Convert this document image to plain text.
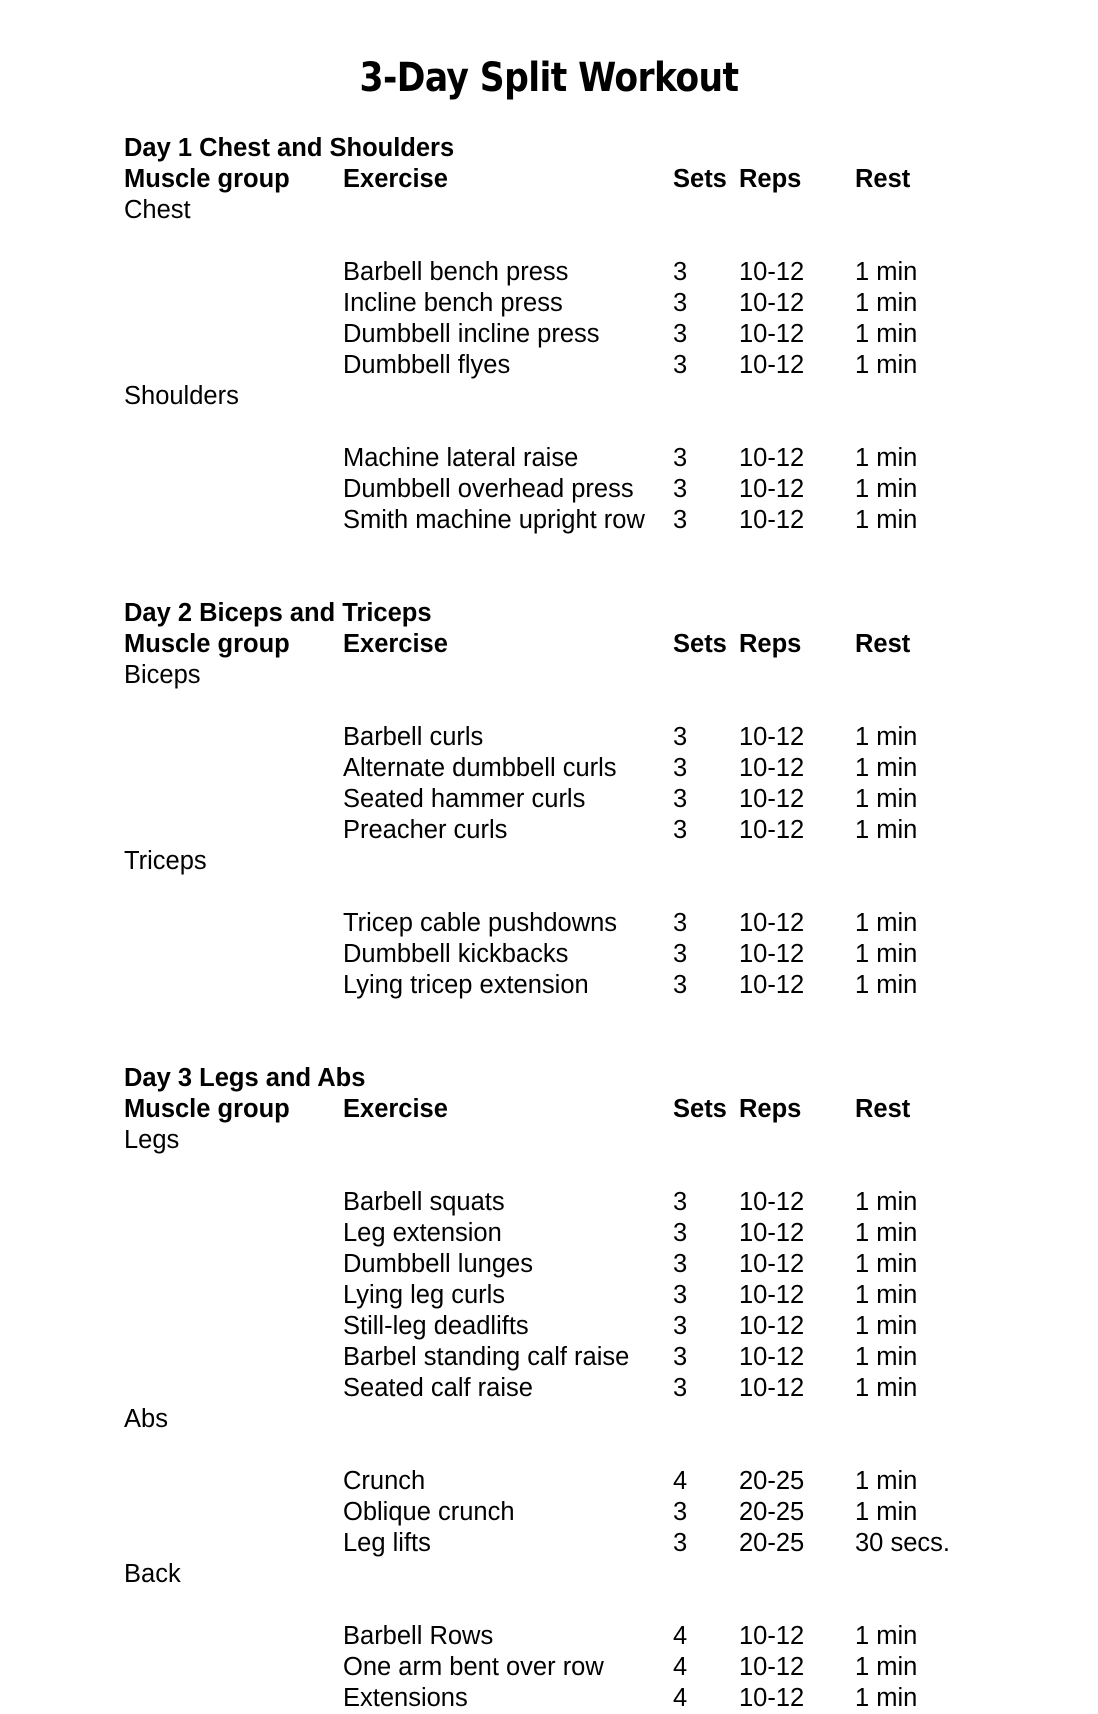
3-Day Split Workout
Day 1 Chest and Shoulders
Muscle group	Exercise	Sets Reps	Rest
Chest

Barbell bench press	3	10-12	1 min
Incline bench press	3	10-12	1 min
Dumbbell incline press	3	10-12	1 min
Dumbbell flyes	3	10-12	1 min
Shoulders

Machine lateral raise	3	10-12	1 min
Dumbbell overhead press	3	10-12	1 min
Smith machine upright row	3	10-12	1 min
Day 2 Biceps and Triceps
Muscle group	Exercise	Sets Reps	Rest
Biceps

Barbell curls	3	10-12	1 min
Alternate dumbbell curls	3	10-12	1 min
Seated hammer curls	3	10-12	1 min
Preacher curls	3	10-12	1 min
Triceps

Tricep cable pushdowns	3	10-12	1 min
Dumbbell kickbacks	3	10-12	1 min
Lying tricep extension	3	10-12	1 min
Day 3 Legs and Abs
Muscle group	Exercise	Sets Reps	Rest
Legs

Barbell squats	3	10-12	1 min
Leg extension	3	10-12	1 min
Dumbbell lunges	3	10-12	1 min
Lying leg curls	3	10-12	1 min
Still-leg deadlifts	3	10-12	1 min
Barbel standing calf raise	3	10-12	1 min
Seated calf raise	3	10-12	1 min
Abs

Crunch	4	20-25	1 min
Oblique crunch	3	20-25	1 min
Leg lifts	3	20-25	30 secs.
Back

Barbell Rows	4	10-12	1 min
One arm bent over row	4	10-12	1 min
Extensions	4	10-12	1 min
